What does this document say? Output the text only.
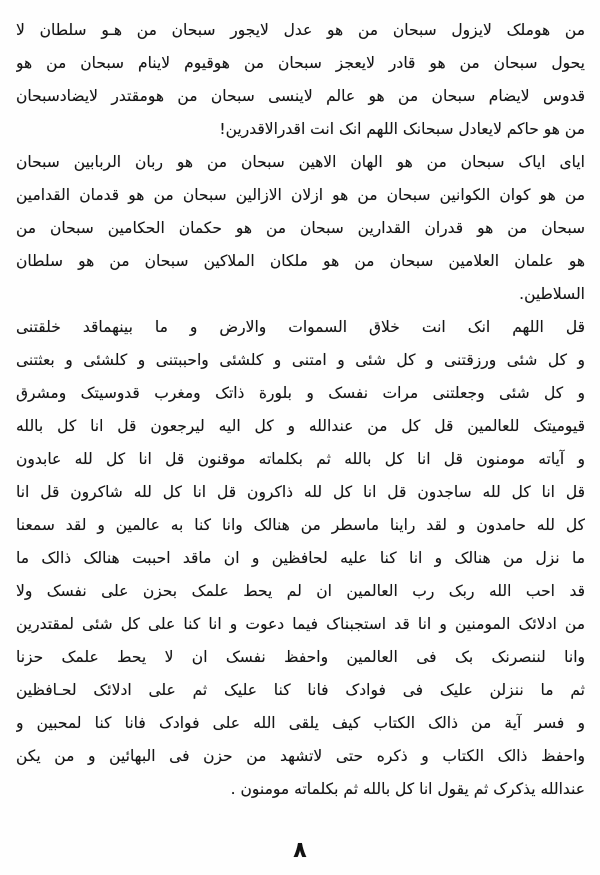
من هوملک لایزول سبحان من هو عدل لایجور سبحان من هـو سلطان لا
یحول سبحان من هو قادر لایعجز سبحان من هوقیوم لاینام سبحان من هو
قدوس لایضام سبحان من هو عالم لاینسی سبحان من هومقتدر لایضادسبحان
من هو حاکم لایعادل سبحانک اللهم انک انت اقدرالاقدرین!
ایای ایاک سبحان من هو الهان الاهین سبحان من هو ربان الربابین سبحان
من هو کوان الکوانین سبحان من هو ازلان الازالین سبحان من هو قدمان القدامین
سبحان من هو قدران القدارین سبحان من هو حکمان الحکامین سبحان من
هو علمان العلامین سبحان من هو ملکان الملاکین سبحان من هو سلطان
السلاطین.
قل اللهم انک انت خلاق السموات والارض و ما بینهماقد خلقتنی
و کل شئی ورزقتنی و کل شئی و امتنی و کلشئی واحببتنی و کلشئی و بعثتنی
و کل شئی وجعلتنی مرات نفسک و بلورة ذاتک ومغرب قدوسیتک ومشرق
قیومیتک للعالمین قل کل من عندالله و کل الیه لیرجعون قل انا کل بالله
و آیاته مومنون قل انا کل بالله ثم بکلماته موقنون قل انا کل لله عابدون
قل انا کل لله ساجدون قل انا کل لله ذاکرون قل انا کل لله شاکرون قل انا
کل لله حامدون و لقد راینا ماسطر من هنالک وانا کنا به عالمین و لقد سمعنا
ما نزل من هنالک و انا کنا علیه لحافظین و ان ماقد احببت هنالک ذالک ما
قد احب الله ربک رب العالمین ان لم یحط علمک بحزن علی نفسک ولا
من ادلائک المومنین و انا قد استجبناک فیما دعوت و انا کنا علی کل شئی لمقتدرین
وانا لننصرنک بک فی العالمین واحفظ نفسک ان لا یحط علمک حزنا
ثم ما ننزلن علیک فی فوادک فانا کنا علیک ثم علی ادلائک لحـافظین
و فسر آیة من ذالک الکتاب کیف یلقی الله علی فوادک فانا کنا لمحبین و
واحفظ ذالک الکتاب و ذکره حتی لاتشهد من حزن فی البهائین و من یکن
عندالله یذکرک ثم یقول انا کل بالله ثم بکلماته مومنون .
٨
